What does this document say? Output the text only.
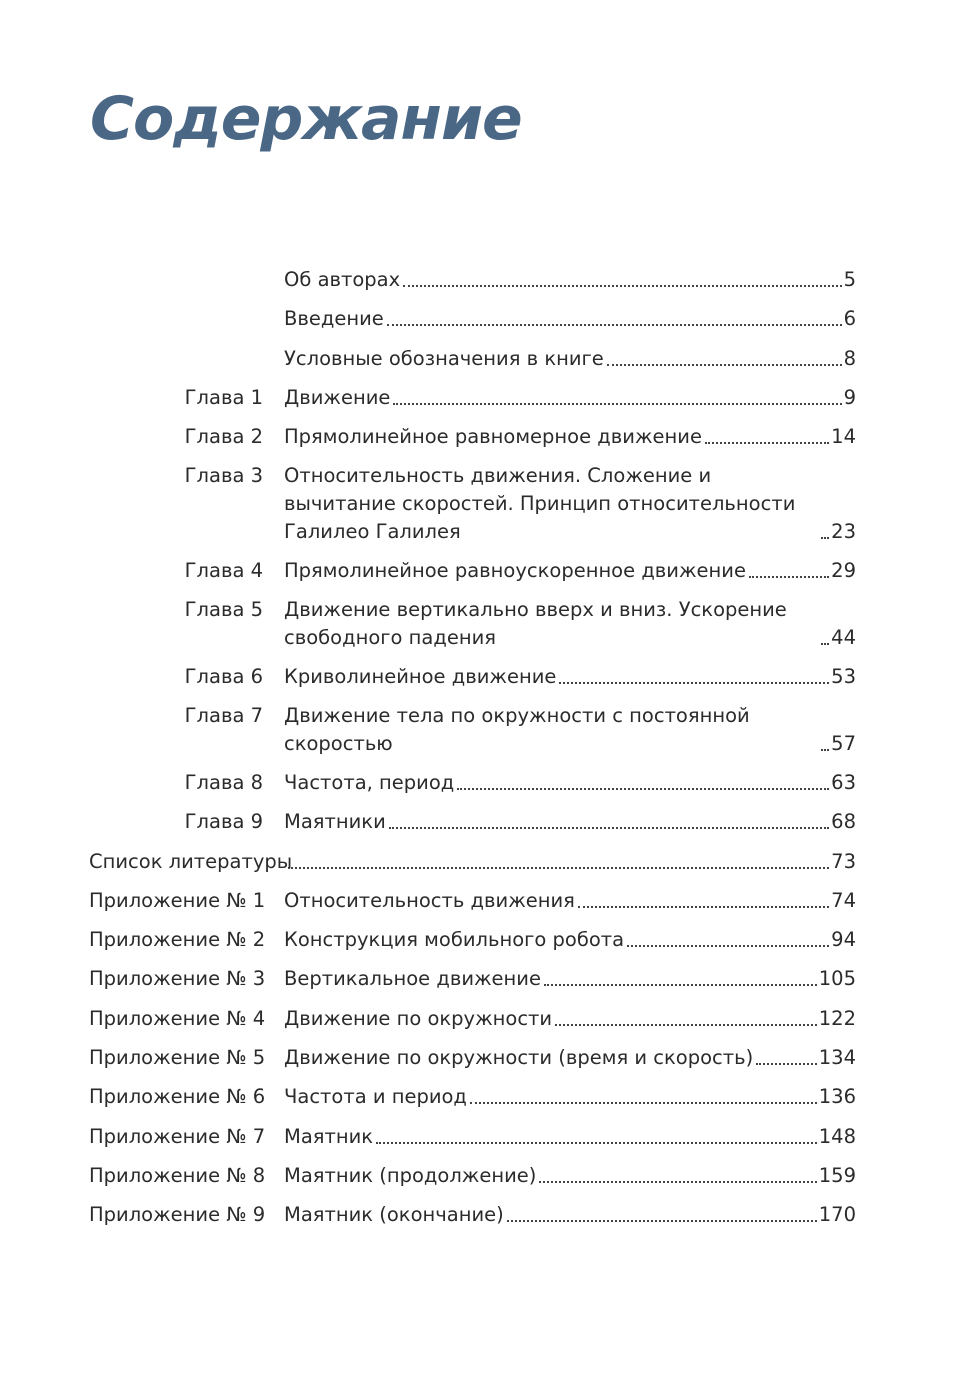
Содержание
Об авторах	5
Введение	6
Условные обозначения в книге	8
Глава 1 Движение	9
Глава 2 Прямолинейное равномерное движение	14
Глава 3 Относительность движения. Сложение и вычитание скоростей. Принцип относительности Галилео Галилея	23
Глава 4 Прямолинейное равноускоренное движение	29
Глава 5 Движение вертикально вверх и вниз. Ускорение свободного падения	44
Глава 6 Криволинейное движение	53
Глава 7 Движение тела по окружности с постоянной скоростью	57
Глава 8 Частота, период	63
Глава 9 Маятники	68
Список литературы	73
Приложение № 1 Относительность движения	74
Приложение № 2 Конструкция мобильного робота	94
Приложение № 3 Вертикальное движение	105
Приложение № 4 Движение по окружности	122
Приложение № 5 Движение по окружности (время и скорость)	134
Приложение № 6 Частота и период	136
Приложение № 7 Маятник	148
Приложение № 8 Маятник (продолжение)	159
Приложение № 9 Маятник (окончание)	170
